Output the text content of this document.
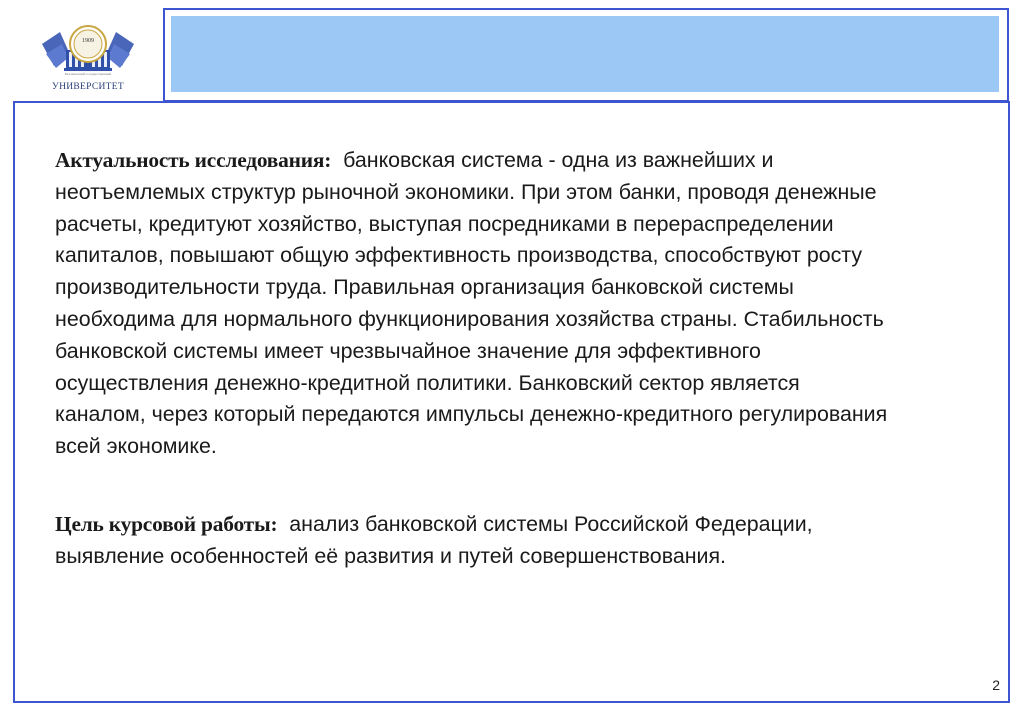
1909
Балашовский государственный
УНИВЕРСИТЕТ

Актуальность исследования: банковская система - одна из важнейших и
неотъемлемых структур рыночной экономики. При этом банки, проводя денежные
расчеты, кредитуют хозяйство, выступая посредниками в перераспределении
капиталов, повышают общую эффективность производства, способствуют росту
производительности труда. Правильная организация банковской системы
необходима для нормального функционирования хозяйства страны. Стабильность
банковской системы имеет чрезвычайное значение для эффективного
осуществления денежно-кредитной политики. Банковский сектор является
каналом, через который передаются импульсы денежно-кредитного регулирования
всей экономике.

Цель курсовой работы: анализ банковской системы Российской Федерации,
выявление особенностей её развития и путей совершенствования.

2
